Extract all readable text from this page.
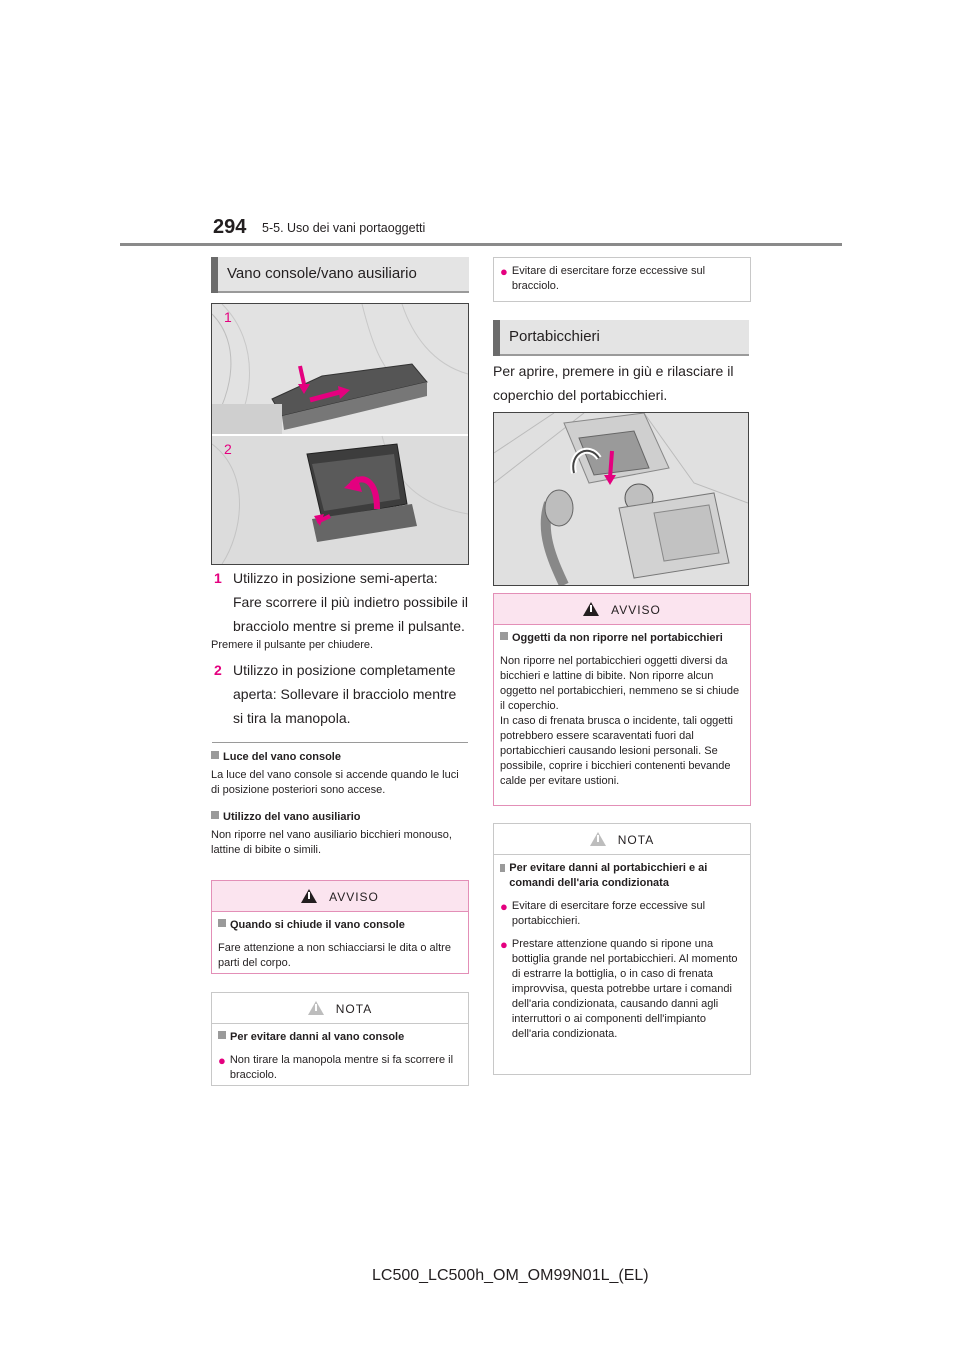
294 5-5. Uso dei vani portaoggetti
Vano console/vano ausiliario
1
2
1 Utilizzo in posizione semi-aperta: Fare scorrere il più indietro possibile il bracciolo mentre si preme il pulsante.
Premere il pulsante per chiudere.
2 Utilizzo in posizione completamente aperta: Sollevare il bracciolo mentre si tira la manopola.
Luce del vano console
La luce del vano console si accende quando le luci di posizione posteriori sono accese.
Utilizzo del vano ausiliario
Non riporre nel vano ausiliario bicchieri monouso, lattine di bibite o simili.
AVVISO

Quando si chiude il vano console

Fare attenzione a non schiacciarsi le dita o altre parti del corpo.

NOTA

Per evitare danni al vano console

● Non tirare la manopola mentre si fa scorrere il bracciolo.

● Evitare di esercitare forze eccessive sul bracciolo.
Portabicchieri
Per aprire, premere in giù e rilasciare il coperchio del portabicchieri.
AVVISO

Oggetti da non riporre nel portabicchieri

Non riporre nel portabicchieri oggetti diversi da bicchieri e lattine di bibite. Non riporre alcun oggetto nel portabicchieri, nemmeno se si chiude il coperchio.
In caso di frenata brusca o incidente, tali oggetti potrebbero essere scaraventati fuori dal portabicchieri causando lesioni personali. Se possibile, coprire i bicchieri contenenti bevande calde per evitare ustioni.

NOTA

Per evitare danni al portabicchieri e ai comandi dell'aria condizionata

● Evitare di esercitare forze eccessive sul portabicchieri.

● Prestare attenzione quando si ripone una bottiglia grande nel portabicchieri. Al momento di estrarre la bottiglia, o in caso di frenata improvvisa, questa potrebbe urtare i comandi dell'aria condizionata, causando danni agli interruttori o ai componenti dell'impianto dell'aria condizionata.

LC500_LC500h_OM_OM99N01L_(EL)
